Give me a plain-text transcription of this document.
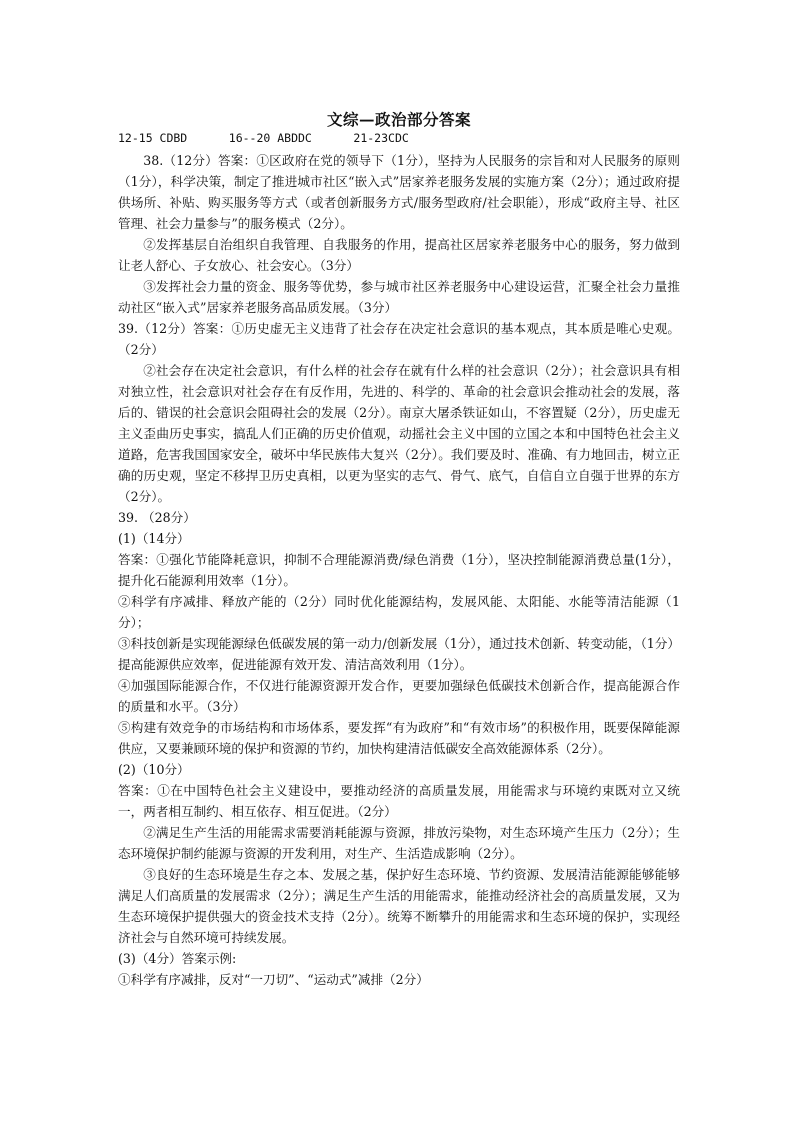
文综—政治部分答案
12-15 CDBD      16--20 ABDDC      21-23CDC

38.（12分）答案：①区政府在党的领导下（1分），坚持为人民服务的宗旨和对人民服务的原则（1分），科学决策，制定了推进城市社区“嵌入式”居家养老服务发展的实施方案（2分）；通过政府提供场所、补贴、购买服务等方式（或者创新服务方式/服务型政府/社会职能），形成“政府主导、社区管理、社会力量参与”的服务模式（2分）。

②发挥基层自治组织自我管理、自我服务的作用，提高社区居家养老服务中心的服务，努力做到让老人舒心、子女放心、社会安心。（3分）

③发挥社会力量的资金、服务等优势，参与城市社区养老服务中心建设运营，汇聚全社会力量推动社区“嵌入式”居家养老服务高品质发展。（3分）

39.（12分）答案：①历史虚无主义违背了社会存在决定社会意识的基本观点，其本质是唯心史观。（2分）

②社会存在决定社会意识，有什么样的社会存在就有什么样的社会意识（2分）；社会意识具有相对独立性，社会意识对社会存在有反作用，先进的、科学的、革命的社会意识会推动社会的发展，落后的、错误的社会意识会阻碍社会的发展（2分）。南京大屠杀铁证如山，不容置疑（2分），历史虚无主义歪曲历史事实，搞乱人们正确的历史价值观，动摇社会主义中国的立国之本和中国特色社会主义道路，危害我国国家安全，破坏中华民族伟大复兴（2分）。我们要及时、准确、有力地回击，树立正确的历史观，坚定不移捍卫历史真相，以更为坚实的志气、骨气、底气，自信自立自强于世界的东方（2分）。

39. （28分）

(1)（14分）

答案：①强化节能降耗意识，抑制不合理能源消费/绿色消费（1分），坚决控制能源消费总量(1分），提升化石能源利用效率（1分）。

②科学有序减排、释放产能的（2分）同时优化能源结构，发展风能、太阳能、水能等清洁能源（1分）；

③科技创新是实现能源绿色低碳发展的第一动力/创新发展（1分），通过技术创新、转变动能，（1分）提高能源供应效率，促进能源有效开发、清洁高效利用（1分）。

④加强国际能源合作，不仅进行能源资源开发合作，更要加强绿色低碳技术创新合作，提高能源合作的质量和水平。（3分）

⑤构建有效竞争的市场结构和市场体系，要发挥“有为政府”和“有效市场”的积极作用，既要保障能源供应，又要兼顾环境的保护和资源的节约，加快构建清洁低碳安全高效能源体系（2分）。

(2)（10分）

答案：①在中国特色社会主义建设中，要推动经济的高质量发展，用能需求与环境约束既对立又统一，两者相互制约、相互依存、相互促进。（2分）

②满足生产生活的用能需求需要消耗能源与资源，排放污染物，对生态环境产生压力（2分）；生态环境保护制约能源与资源的开发利用，对生产、生活造成影响（2分）。

③良好的生态环境是生存之本、发展之基，保护好生态环境、节约资源、发展清洁能源能够能够满足人们高质量的发展需求（2分）；满足生产生活的用能需求，能推动经济社会的高质量发展，又为生态环境保护提供强大的资金技术支持（2分）。统筹不断攀升的用能需求和生态环境的保护，实现经济社会与自然环境可持续发展。

(3)（4分）答案示例:

①科学有序减排，反对“一刀切”、“运动式”减排（2分）
